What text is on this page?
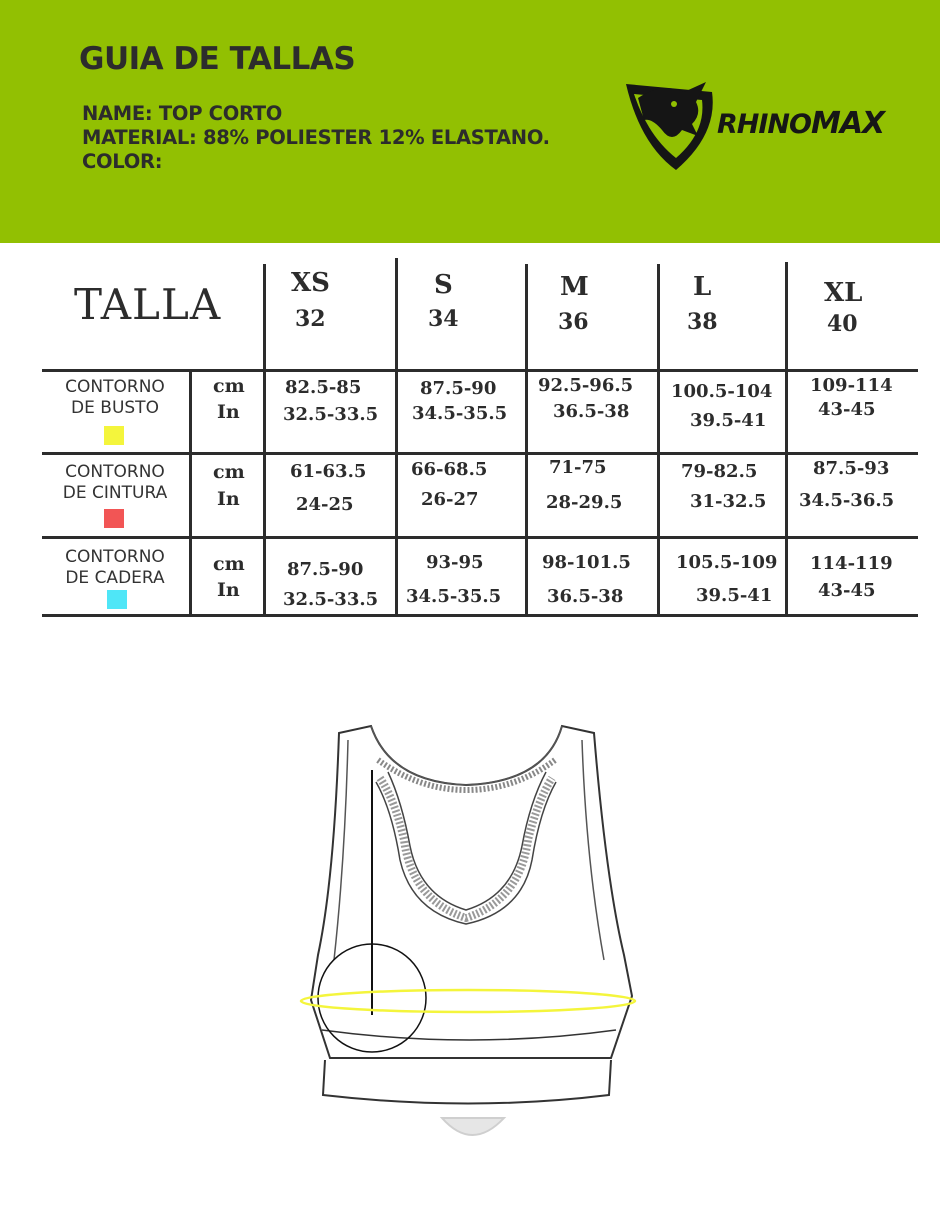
GUIA DE TALLAS
NAME: TOP CORTO
MATERIAL: 88% POLIESTER 12% ELASTANO.
COLOR:
RHINOMAX
TALLA	XS
32
S
34
M
36
L
38
XL
40
CONTORNO
DE BUSTO
cm
In
82.5-85
32.5-33.5
87.5-90
34.5-35.5
92.5-96.5
36.5-38
100.5-104
39.5-41
109-114
43-45
CONTORNO
DE CINTURA
cm
In
61-63.5
24-25
66-68.5
26-27
71-75
28-29.5
79-82.5
31-32.5
87.5-93
34.5-36.5
CONTORNO
DE CADERA
cm
In
87.5-90
32.5-33.5
93-95
34.5-35.5
98-101.5
36.5-38
105.5-109
39.5-41
114-119
43-45
